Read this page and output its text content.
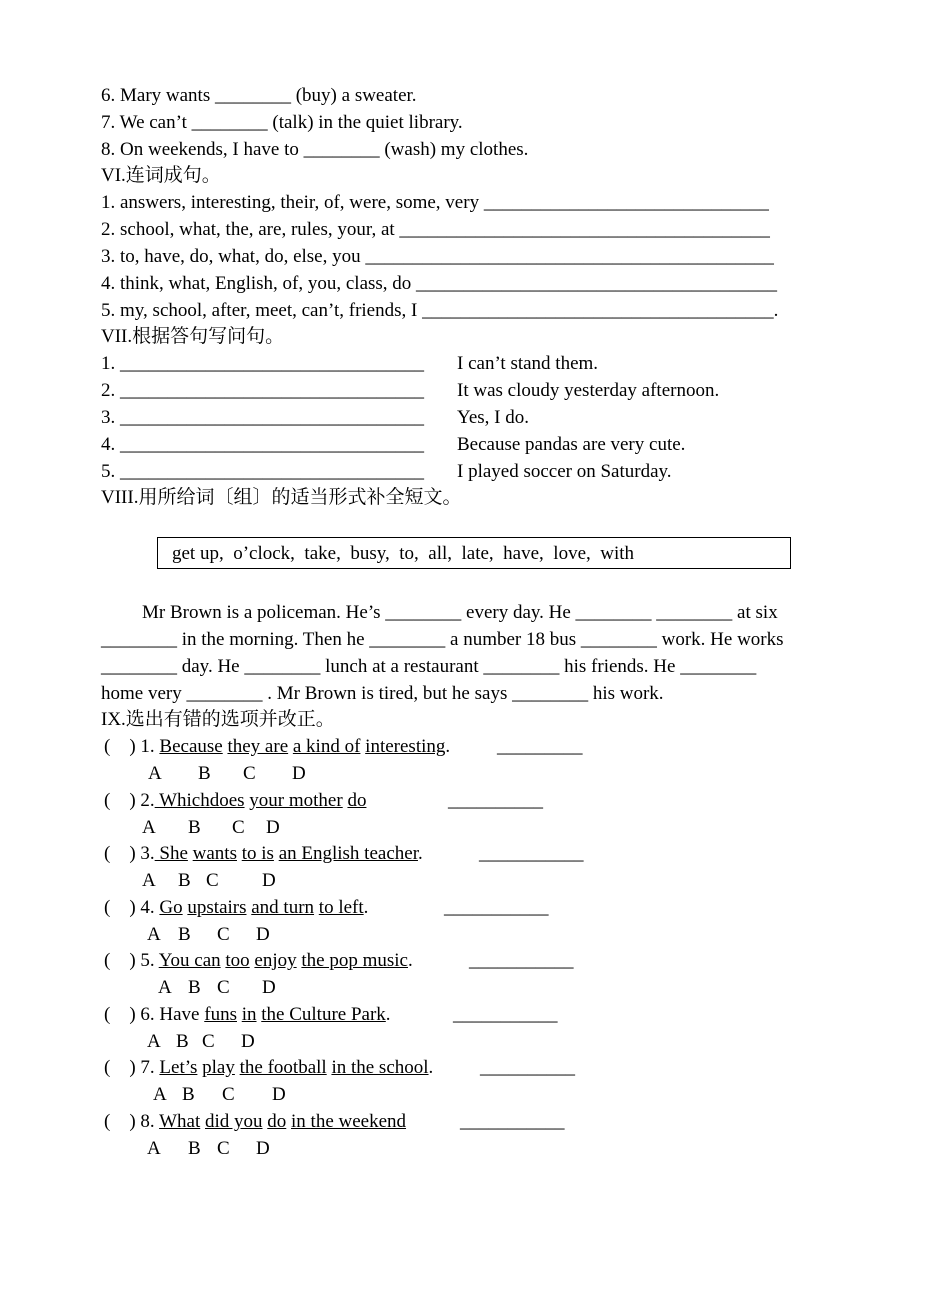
6. Mary wants ________ (buy) a sweater.
7. We can’t ________ (talk) in the quiet library.
8. On weekends, I have to ________ (wash) my clothes.
VI.连词成句。
1. answers, interesting, their, of, were, some, very ______________________________
2. school, what, the, are, rules, your, at _______________________________________
3. to, have, do, what, do, else, you ___________________________________________
4. think, what, English, of, you, class, do ______________________________________
5. my, school, after, meet, can’t, friends, I _____________________________________.
VII.根据答句写问句。
1. ________________________________ I can’t stand them.
2. ________________________________ It was cloudy yesterday afternoon.
3. ________________________________ Yes, I do.
4. ________________________________ Because pandas are very cute.
5. ________________________________ I played soccer on Saturday.
VIII.用所给词〔组〕的适当形式补全短文。
get up,  o’clock,  take,  busy,  to,  all,  late,  have,  love,  with
Mr Brown is a policeman. He’s ________ every day. He ________ ________ at six
________ in the morning. Then he ________ a number 18 bus ________ work. He works
________ day. He ________ lunch at a restaurant ________ his friends. He ________
home very ________ . Mr Brown is tired, but he says ________ his work.
IX.选出有错的选项并改正。
(    ) 1. Because they are a kind of interesting. _________
A B C D
(    ) 2. Whichdoes your mother do	__________
A B C D
(    ) 3. She wants to is an English teacher.	___________
A B C D
(    ) 4. Go upstairs and turn to left.	___________
A B C D
(    ) 5. You can too enjoy the pop music.	___________
A B C D
(    ) 6. Have funs in the Culture Park.	___________
A B C D
(    ) 7. Let’s play the football in the school. __________
A B C D
(    ) 8. What did you do in the weekend	___________
A B C D
